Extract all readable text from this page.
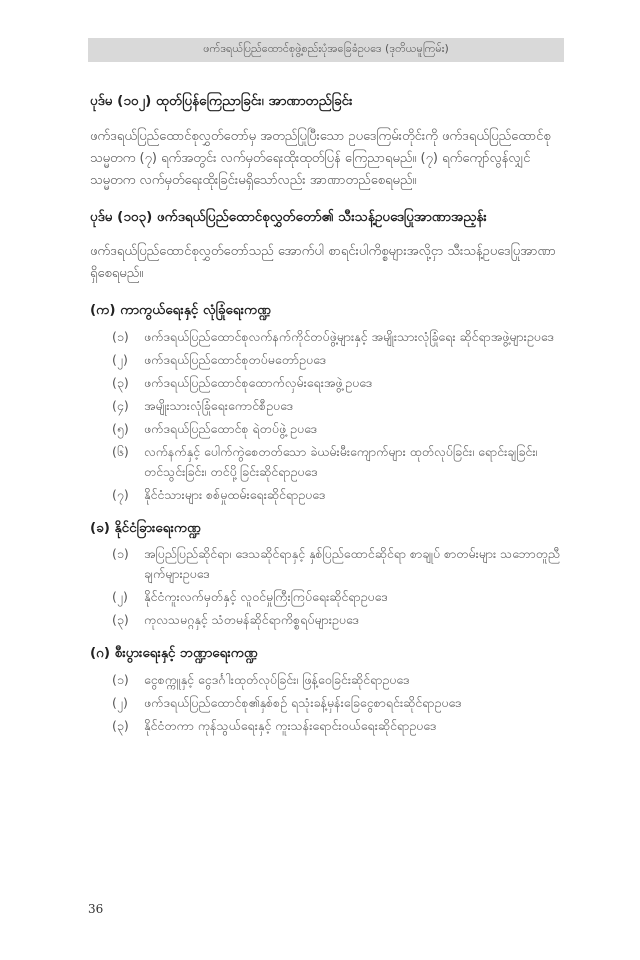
ဖက်ဒရယ်ပြည်ထောင်စုဖွဲ့စည်းပုံအခြေခံဥပဒေ (ဒုတိယမူကြမ်း)
ပုဒ်မ (၁၀၂) ထုတ်ပြန်ကြေညာခြင်း၊ အာဏာတည်ခြင်း

ဖက်ဒရယ်ပြည်ထောင်စုလွှတ်တော်မှ အတည်ပြုပြီးသော ဥပဒေကြမ်းတိုင်းကို ဖက်ဒရယ်ပြည်ထောင်စု သမ္မတက (၇) ရက်အတွင်း လက်မှတ်ရေးထိုးထုတ်ပြန် ကြေညာရမည်။ (၇) ရက်ကျော်လွန်လျှင် သမ္မတက လက်မှတ်ရေးထိုးခြင်းမရှိသော်လည်း အာဏာတည်စေရမည်။

ပုဒ်မ (၁၀၃) ဖက်ဒရယ်ပြည်ထောင်စုလွှတ်တော်၏ သီးသန့်ဥပဒေပြုအာဏာအည့န်း

ဖက်ဒရယ်ပြည်ထောင်စုလွှတ်တော်သည် အောက်ပါ စာရင်းပါကိစ္စများအလို့ငှာ သီးသန့်ဥပဒေပြုအာဏာ ရှိစေရမည်။

(က) ကာကွယ်ရေးနှင့် လုံခြုံရေးကဏ္ဍ
(၁)	ဖက်ဒရယ်ပြည်ထောင်စုလက်နက်ကိုင်တပ်ဖွဲ့များနှင့် အမျိုးသားလုံခြုံရေး ဆိုင်ရာအဖွဲ့များဥပဒေ
(၂)	ဖက်ဒရယ်ပြည်ထောင်စုတပ်မတော်ဥပဒေ
(၃)	ဖက်ဒရယ်ပြည်ထောင်စုထောက်လှမ်းရေးအဖွဲ့ဥပဒေ
(၄)	အမျိုးသားလုံခြုံရေးကောင်စီဥပဒေ
(၅)	ဖက်ဒရယ်ပြည်ထောင်စု ရဲတပ်ဖွဲ့ ဥပဒေ
(၆)	လက်နက်နှင့် ပေါက်ကွဲစေတတ်သော ခဲယမ်းမီးကျောက်များ ထုတ်လုပ်ခြင်း၊ ရောင်းချခြင်း၊ တင်သွင်းခြင်း၊ တင်ပို့ခြင်းဆိုင်ရာဥပဒေ
(၇)	နိုင်ငံသားများ စစ်မှုထမ်းရေးဆိုင်ရာဥပဒေ
(ခ) နိုင်ငံခြားရေးကဏ္ဍ
(၁)	အပြည်ပြည်ဆိုင်ရာ၊ ဒေသဆိုင်ရာနှင့် နှစ်ပြည်ထောင်ဆိုင်ရာ စာချုပ် စာတမ်းများ သဘောတူညီချက်များဥပဒေ
(၂)	နိုင်ငံကူးလက်မှတ်နှင့် လူဝင်မှုကြီးကြပ်ရေးဆိုင်ရာဥပဒေ
(၃)	ကုလသမဂ္ဂနှင့် သံတမန်ဆိုင်ရာကိစ္စရပ်များဥပဒေ
(ဂ) စီးပွားရေးနှင့် ဘဏ္ဍာရေးကဏ္ဍ
(၁)	ငွေစက္ကူနှင့် ငွေဒင်္ဂါးထုတ်လုပ်ခြင်း၊ ဖြန့်ဝေခြင်းဆိုင်ရာဥပဒေ
(၂)	ဖက်ဒရယ်ပြည်ထောင်စု၏နှစ်စဉ် ရသုံးခန့်မှန်းခြေငွေစာရင်းဆိုင်ရာဥပဒေ
(၃)	နိုင်ငံတကာ ကုန်သွယ်ရေးနှင့် ကူးသန်းရောင်းဝယ်ရေးဆိုင်ရာဥပဒေ
36
